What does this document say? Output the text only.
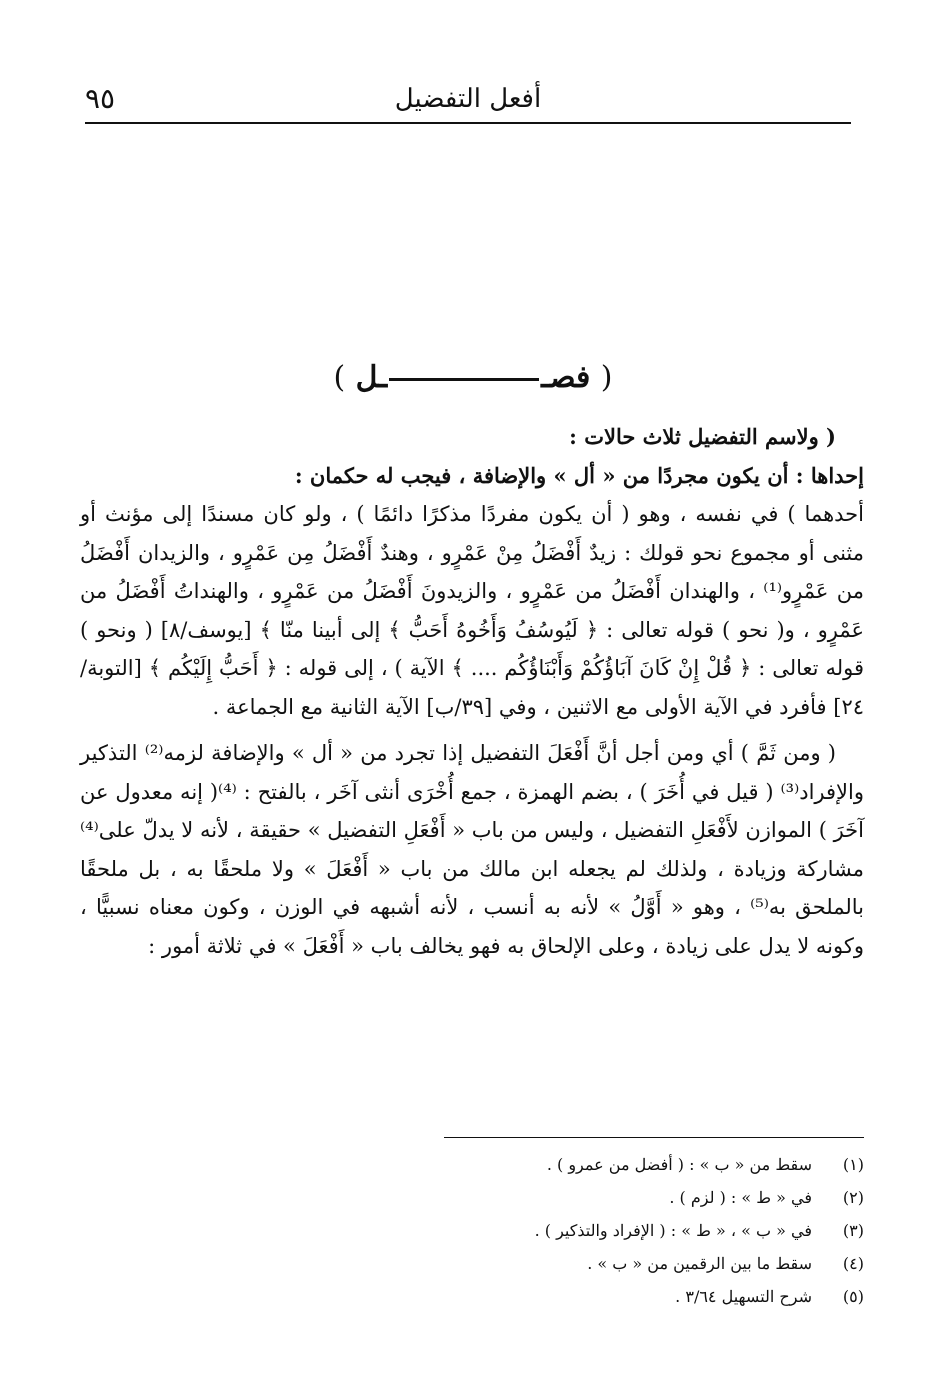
أفعل التفضيل
٩٥
( فصــل )

( ولاسم التفضيل ثلاث حالات :

إحداها : أن يكون مجردًا من « أل » والإضافة ، فيجب له حكمان :

أحدهما ) في نفسه ، وهو ( أن يكون مفردًا مذكرًا دائمًا ) ، ولو كان مسندًا إلى مؤنث أو مثنى أو مجموع نحو قولك : زيدٌ أَفْضَلُ مِنْ عَمْرٍو ، وهندٌ أَفْضَلُ مِن عَمْرٍو ، والزيدان أَفْضَلُ من عَمْرٍو⁽¹⁾ ، والهندان أَفْضَلُ من عَمْرٍو ، والزيدونَ أَفْضَلُ من عَمْرٍو ، والهنداتُ أَفْضَلُ من عَمْرٍو ، و( نحو ) قوله تعالى : ﴿ لَيُوسُفُ وَأَخُوهُ أَحَبُّ ﴾ إلى أبينا منّا ﴾ [يوسف/٨] ( ونحو ) قوله تعالى : ﴿ قُلْ إِنْ كَانَ آبَاؤُكُمْ وَأَبْنَاؤُكُم .... ﴾ الآية ) ، إلى قوله : ﴿ أَحَبُّ إِلَيْكُم ﴾ [التوبة/٢٤] فأفرد في الآية الأولى مع الاثنين ، وفي [٣٩/ب] الآية الثانية مع الجماعة .

( ومن ثَمَّ ) أي ومن أجل أنَّ أَفْعَلَ التفضيل إذا تجرد من « أل » والإضافة لزمه⁽²⁾ التذكير والإفراد⁽³⁾ ( قيل في أُخَرَ ) ، بضم الهمزة ، جمع أُخْرَى أنثى آخَر ، بالفتح : ⁽⁴⁾( إنه معدول عن آخَرَ ) الموازن لأَفْعَلِ التفضيل ، وليس من باب « أَفْعَلِ التفضيل » حقيقة ، لأنه لا يدلّ على⁽⁴⁾ مشاركة وزيادة ، ولذلك لم يجعله ابن مالك من باب « أَفْعَلَ » ولا ملحقًا به ، بل ملحقًا بالملحق به⁽⁵⁾ ، وهو « أَوَّلُ » لأنه به أنسب ، لأنه أشبهه في الوزن ، وكون معناه نسبيًّا ، وكونه لا يدل على زيادة ، وعلى الإلحاق به فهو يخالف باب « أَفْعَلَ » في ثلاثة أمور :

(١)
سقط من « ب » : ( أفضل من عمرو ) .
(٢)
في « ط » : ( لزم ) .
(٣)
في « ب » ، « ط » : ( الإفراد والتذكير ) .
(٤)
سقط ما بين الرقمين من « ب » .
(٥)
شرح التسهيل ٣/٦٤ .
